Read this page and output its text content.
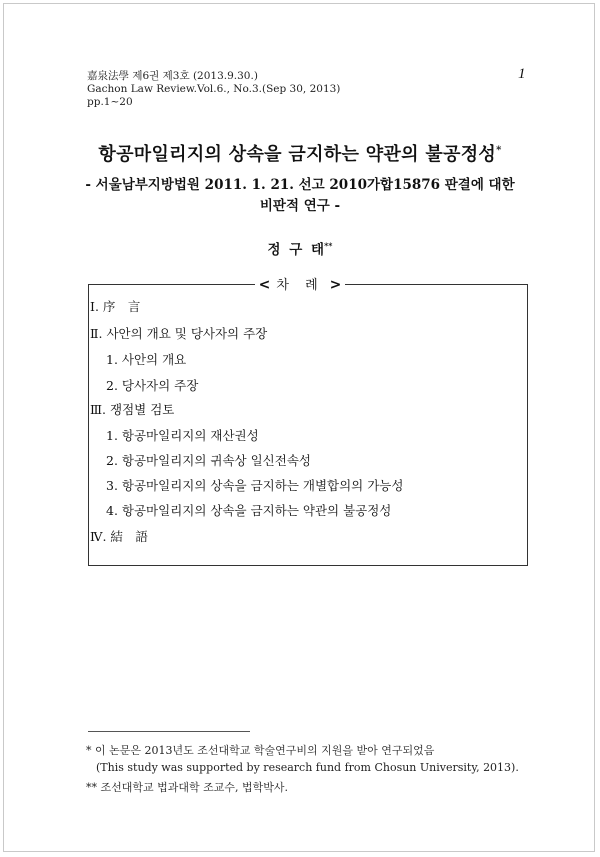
嘉泉法學 제6권 제3호 (2013.9.30.)
Gachon Law Review.Vol.6., No.3.(Sep 30, 2013)
pp.1~20
1
항공마일리지의 상속을 금지하는 약관의 불공정성*
- 서울남부지방법원 2011. 1. 21. 선고 2010가합15876 판결에 대한
비판적 연구 -
정 구 태**
< 차 례 >
Ⅰ. 序　言
Ⅱ. 사안의 개요 및 당사자의 주장
1. 사안의 개요
2. 당사자의 주장
Ⅲ. 쟁점별 검토
1. 항공마일리지의 재산권성
2. 항공마일리지의 귀속상 일신전속성
3. 항공마일리지의 상속을 금지하는 개별합의의 가능성
4. 항공마일리지의 상속을 금지하는 약관의 불공정성
Ⅳ. 結　語
* 이 논문은 2013년도 조선대학교 학술연구비의 지원을 받아 연구되었음
(This study was supported by research fund from Chosun University, 2013).
** 조선대학교 법과대학 조교수, 법학박사.
